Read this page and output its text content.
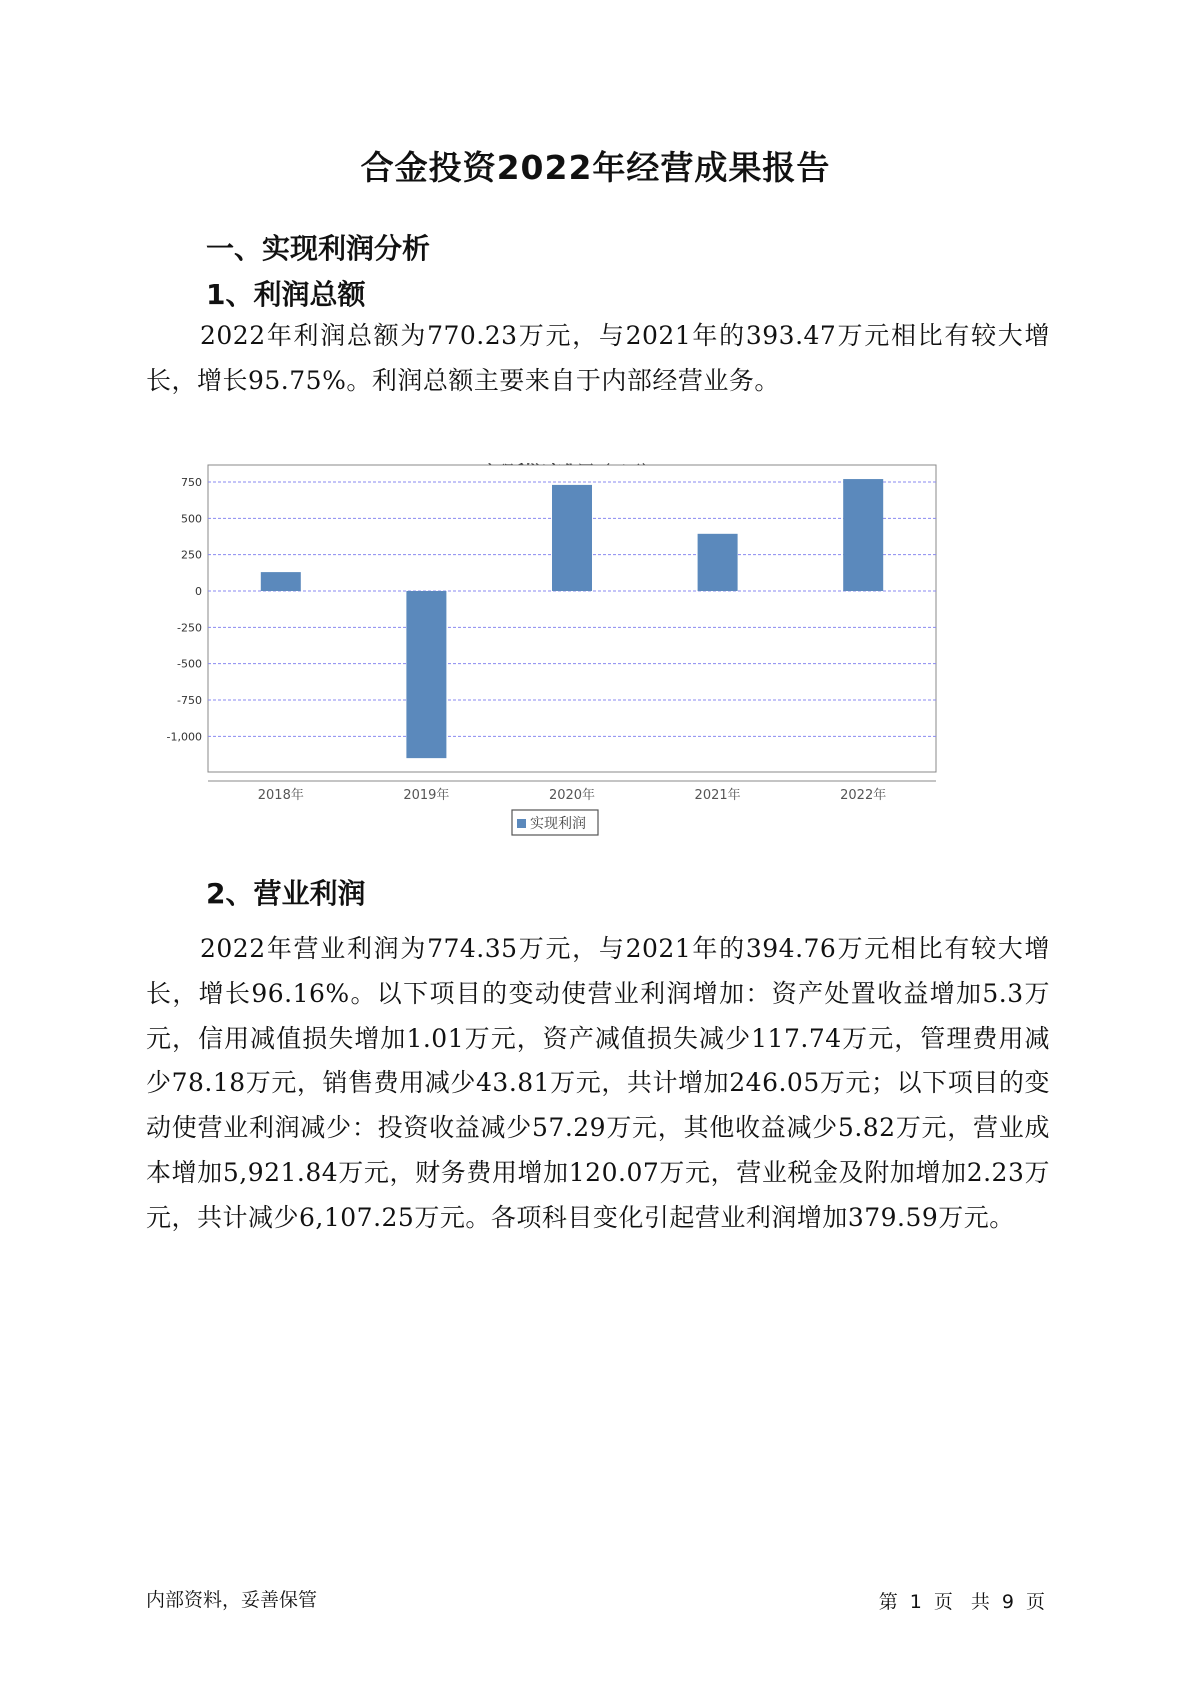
合金投资2022年经营成果报告
一、实现利润分析
1、利润总额
2022年利润总额为770.23万元，与2021年的393.47万元相比有较大增长，增长95.75%。利润总额主要来自于内部经营业务。
750
500
250
0
-250
-500
-750
-1,000
2018年	2019年	2020年	2021年	2022年
实现利润
2、营业利润
2022年营业利润为774.35万元，与2021年的394.76万元相比有较大增长，增长96.16%。以下项目的变动使营业利润增加：资产处置收益增加5.3万元，信用减值损失增加1.01万元，资产减值损失减少117.74万元，管理费用减少78.18万元，销售费用减少43.81万元，共计增加246.05万元；以下项目的变动使营业利润减少：投资收益减少57.29万元，其他收益减少5.82万元，营业成本增加5,921.84万元，财务费用增加120.07万元，营业税金及附加增加2.23万元，共计减少6,107.25万元。各项科目变化引起营业利润增加379.59万元。
内部资料，妥善保管	第 1 页 共 9 页
